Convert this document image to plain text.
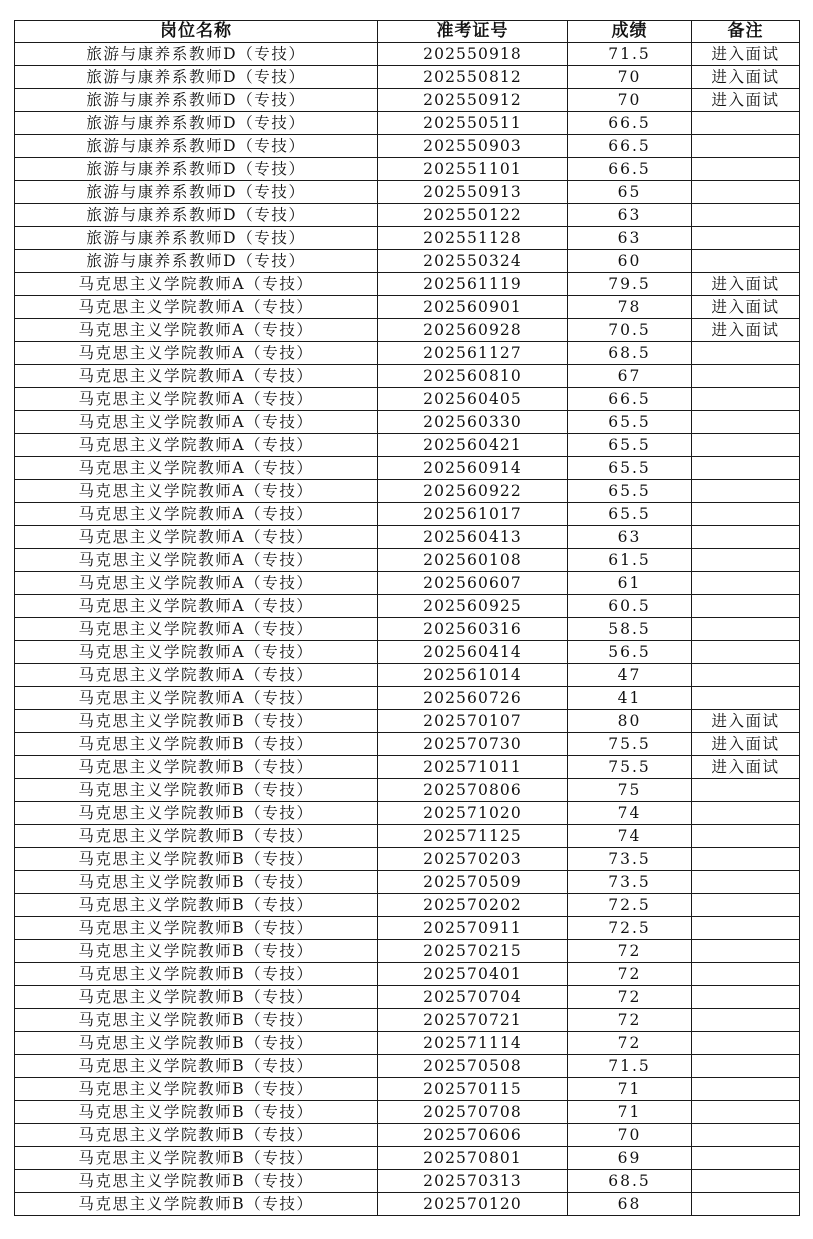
岗位名称	准考证号	成绩	备注
旅游与康养系教师D（专技）	202550918	71.5	进入面试
旅游与康养系教师D（专技）	202550812	70	进入面试
旅游与康养系教师D（专技）	202550912	70	进入面试
旅游与康养系教师D（专技）	202550511	66.5	
旅游与康养系教师D（专技）	202550903	66.5	
旅游与康养系教师D（专技）	202551101	66.5	
旅游与康养系教师D（专技）	202550913	65	
旅游与康养系教师D（专技）	202550122	63	
旅游与康养系教师D（专技）	202551128	63	
旅游与康养系教师D（专技）	202550324	60	
马克思主义学院教师A（专技）	202561119	79.5	进入面试
马克思主义学院教师A（专技）	202560901	78	进入面试
马克思主义学院教师A（专技）	202560928	70.5	进入面试
马克思主义学院教师A（专技）	202561127	68.5	
马克思主义学院教师A（专技）	202560810	67	
马克思主义学院教师A（专技）	202560405	66.5	
马克思主义学院教师A（专技）	202560330	65.5	
马克思主义学院教师A（专技）	202560421	65.5	
马克思主义学院教师A（专技）	202560914	65.5	
马克思主义学院教师A（专技）	202560922	65.5	
马克思主义学院教师A（专技）	202561017	65.5	
马克思主义学院教师A（专技）	202560413	63	
马克思主义学院教师A（专技）	202560108	61.5	
马克思主义学院教师A（专技）	202560607	61	
马克思主义学院教师A（专技）	202560925	60.5	
马克思主义学院教师A（专技）	202560316	58.5	
马克思主义学院教师A（专技）	202560414	56.5	
马克思主义学院教师A（专技）	202561014	47	
马克思主义学院教师A（专技）	202560726	41	
马克思主义学院教师B（专技）	202570107	80	进入面试
马克思主义学院教师B（专技）	202570730	75.5	进入面试
马克思主义学院教师B（专技）	202571011	75.5	进入面试
马克思主义学院教师B（专技）	202570806	75	
马克思主义学院教师B（专技）	202571020	74	
马克思主义学院教师B（专技）	202571125	74	
马克思主义学院教师B（专技）	202570203	73.5	
马克思主义学院教师B（专技）	202570509	73.5	
马克思主义学院教师B（专技）	202570202	72.5	
马克思主义学院教师B（专技）	202570911	72.5	
马克思主义学院教师B（专技）	202570215	72	
马克思主义学院教师B（专技）	202570401	72	
马克思主义学院教师B（专技）	202570704	72	
马克思主义学院教师B（专技）	202570721	72	
马克思主义学院教师B（专技）	202571114	72	
马克思主义学院教师B（专技）	202570508	71.5	
马克思主义学院教师B（专技）	202570115	71	
马克思主义学院教师B（专技）	202570708	71	
马克思主义学院教师B（专技）	202570606	70	
马克思主义学院教师B（专技）	202570801	69	
马克思主义学院教师B（专技）	202570313	68.5	
马克思主义学院教师B（专技）	202570120	68	
